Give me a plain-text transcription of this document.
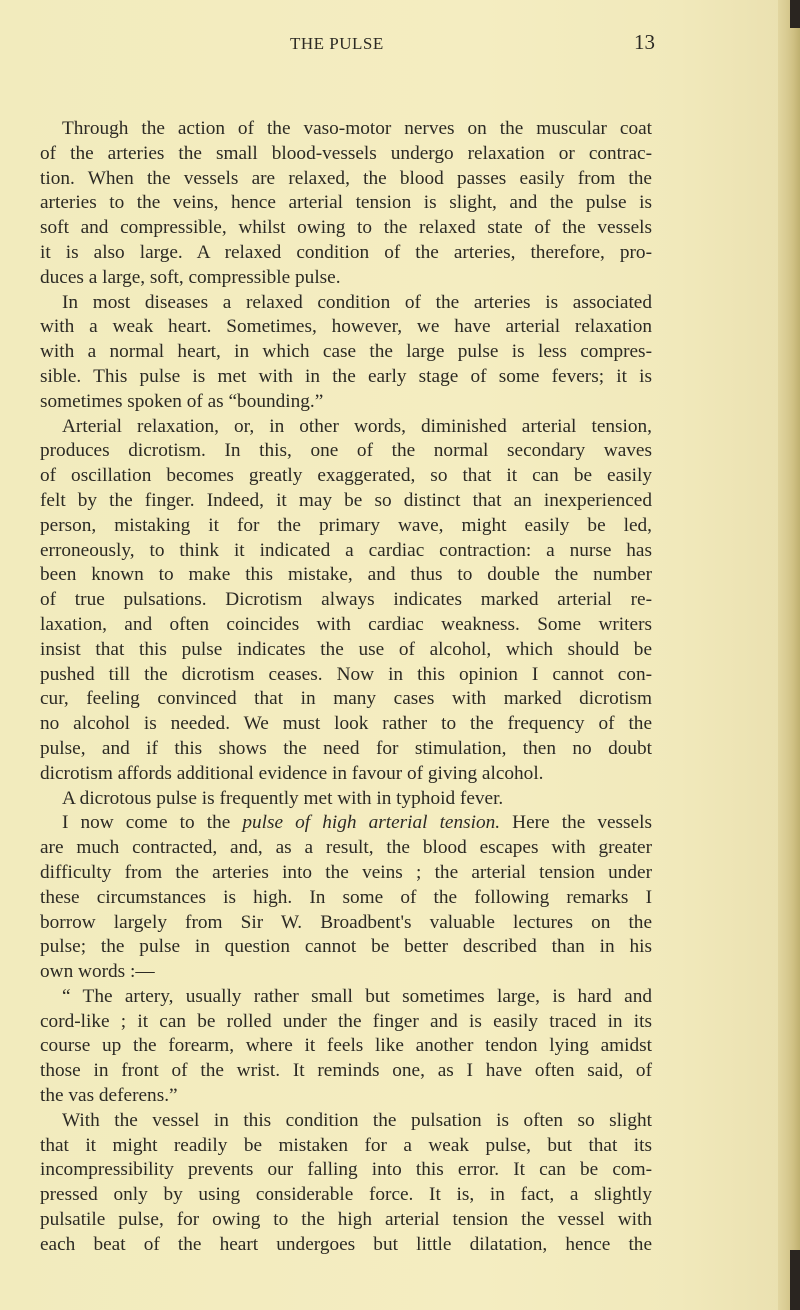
THE PULSE	13
Through the action of the vaso-motor nerves on the muscular coat
of the arteries the small blood-vessels undergo relaxation or contrac-
tion. When the vessels are relaxed, the blood passes easily from the
arteries to the veins, hence arterial tension is slight, and the pulse is
soft and compressible, whilst owing to the relaxed state of the vessels
it is also large. A relaxed condition of the arteries, therefore, pro-
duces a large, soft, compressible pulse.
In most diseases a relaxed condition of the arteries is associated
with a weak heart. Sometimes, however, we have arterial relaxation
with a normal heart, in which case the large pulse is less compres-
sible. This pulse is met with in the early stage of some fevers; it is
sometimes spoken of as “bounding.”
Arterial relaxation, or, in other words, diminished arterial tension,
produces dicrotism. In this, one of the normal secondary waves
of oscillation becomes greatly exaggerated, so that it can be easily
felt by the finger. Indeed, it may be so distinct that an inexperienced
person, mistaking it for the primary wave, might easily be led,
erroneously, to think it indicated a cardiac contraction: a nurse has
been known to make this mistake, and thus to double the number
of true pulsations. Dicrotism always indicates marked arterial re-
laxation, and often coincides with cardiac weakness. Some writers
insist that this pulse indicates the use of alcohol, which should be
pushed till the dicrotism ceases. Now in this opinion I cannot con-
cur, feeling convinced that in many cases with marked dicrotism
no alcohol is needed. We must look rather to the frequency of the
pulse, and if this shows the need for stimulation, then no doubt
dicrotism affords additional evidence in favour of giving alcohol.
A dicrotous pulse is frequently met with in typhoid fever.
I now come to the pulse of high arterial tension. Here the vessels
are much contracted, and, as a result, the blood escapes with greater
difficulty from the arteries into the veins ; the arterial tension under
these circumstances is high. In some of the following remarks I
borrow largely from Sir W. Broadbent's valuable lectures on the
pulse; the pulse in question cannot be better described than in his
own words :—
“ The artery, usually rather small but sometimes large, is hard and
cord-like ; it can be rolled under the finger and is easily traced in its
course up the forearm, where it feels like another tendon lying amidst
those in front of the wrist. It reminds one, as I have often said, of
the vas deferens.”
With the vessel in this condition the pulsation is often so slight
that it might readily be mistaken for a weak pulse, but that its
incompressibility prevents our falling into this error. It can be com-
pressed only by using considerable force. It is, in fact, a slightly
pulsatile pulse, for owing to the high arterial tension the vessel with
each beat of the heart undergoes but little dilatation, hence the
